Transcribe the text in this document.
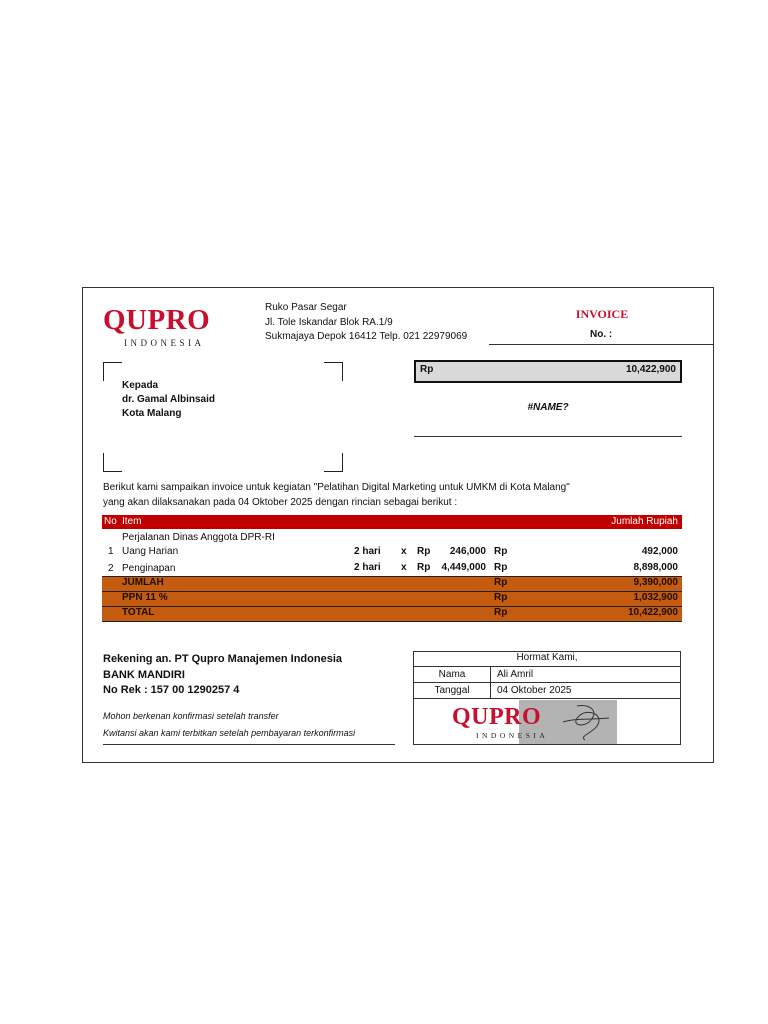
QUPRO
INDONESIA
Ruko Pasar Segar
Jl. Tole Iskandar Blok RA.1/9
Sukmajaya Depok 16412 Telp. 021 22979069
INVOICE
No. :
Kepada
dr. Gamal Albinsaid
Kota Malang
Rp	10,422,900
#NAME?
Berikut kami sampaikan invoice untuk kegiatan "Pelatihan Digital Marketing untuk UMKM di Kota Malang"
yang akan dilaksanakan pada 04 Oktober 2025 dengan rincian sebagai berikut :
No Item	Jumlah Rupiah
Perjalanan Dinas Anggota DPR-RI
1 Uang Harian	2 hari x Rp	246,000 Rp	492,000
2 Penginapan	2 hari x Rp	4,449,000 Rp	8,898,000
JUMLAH	Rp	9,390,000
PPN 11 %	Rp	1,032,900
TOTAL	Rp	10,422,900
Rekening an. PT Qupro Manajemen Indonesia
BANK MANDIRI
No Rek : 157 00 1290257 4
Mohon berkenan konfirmasi setelah transfer
Kwitansi akan kami terbitkan setelah pembayaran terkonfirmasi
Hormat Kami,
Nama	Ali Amril
Tanggal	04 Oktober 2025
QUPRO
INDONESIA
